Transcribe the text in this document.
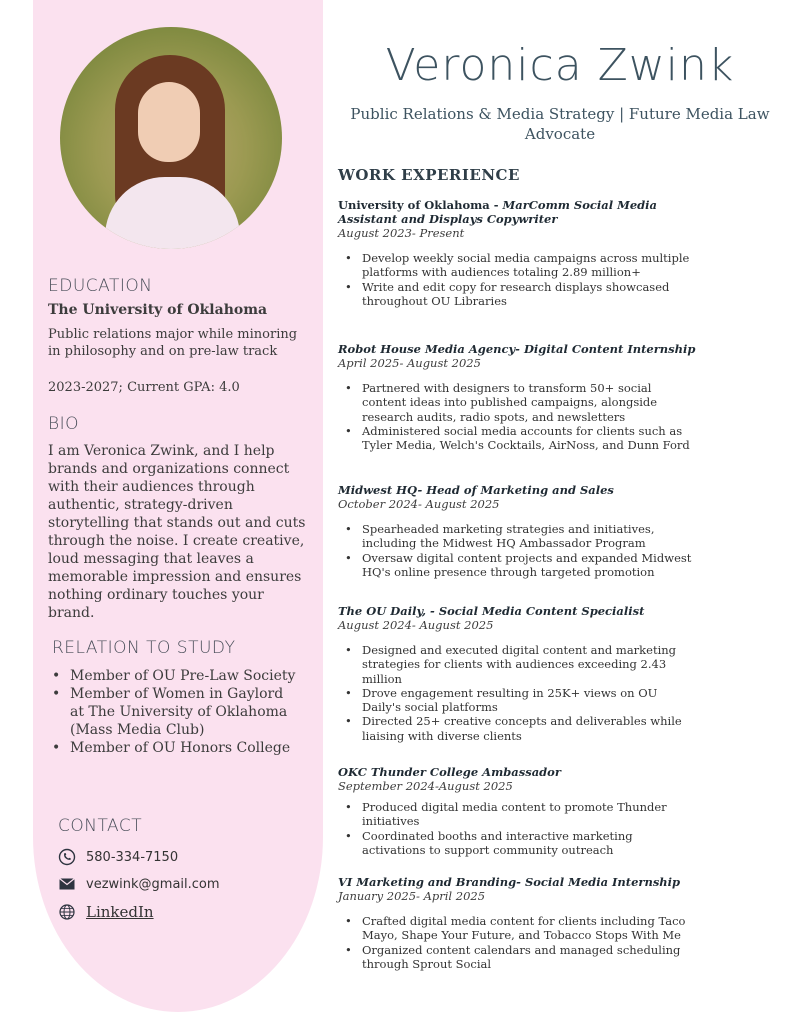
EDUCATION
The University of Oklahoma
Public relations major while minoring in philosophy and on pre-law track
2023-2027; Current GPA: 4.0
BIO
I am Veronica Zwink, and I help brands and organizations connect with their audiences through authentic, strategy-driven storytelling that stands out and cuts through the noise. I create creative, loud messaging that leaves a memorable impression and ensures nothing ordinary touches your brand.
RELATION TO STUDY
• Member of OU Pre-Law Society
• Member of Women in Gaylord at The University of Oklahoma (Mass Media Club)
• Member of OU Honors College
CONTACT
580-334-7150
vezwink@gmail.com
LinkedIn
Veronica Zwink
Public Relations & Media Strategy | Future Media Law Advocate
WORK EXPERIENCE
University of Oklahoma - MarComm Social Media Assistant and Displays Copywriter
August 2023- Present
• Develop weekly social media campaigns across multiple platforms with audiences totaling 2.89 million+
• Write and edit copy for research displays showcased throughout OU Libraries
Robot House Media Agency- Digital Content Internship
April 2025- August 2025
• Partnered with designers to transform 50+ social content ideas into published campaigns, alongside research audits, radio spots, and newsletters
• Administered social media accounts for clients such as Tyler Media, Welch's Cocktails, AirNoss, and Dunn Ford
Midwest HQ- Head of Marketing and Sales
October 2024- August 2025
• Spearheaded marketing strategies and initiatives, including the Midwest HQ Ambassador Program
• Oversaw digital content projects and expanded Midwest HQ's online presence through targeted promotion
The OU Daily, - Social Media Content Specialist
August 2024- August 2025
• Designed and executed digital content and marketing strategies for clients with audiences exceeding 2.43 million
• Drove engagement resulting in 25K+ views on OU Daily's social platforms
• Directed 25+ creative concepts and deliverables while liaising with diverse clients
OKC Thunder College Ambassador
September 2024-August 2025
• Produced digital media content to promote Thunder initiatives
• Coordinated booths and interactive marketing activations to support community outreach
VI Marketing and Branding- Social Media Internship
January 2025- April 2025
• Crafted digital media content for clients including Taco Mayo, Shape Your Future, and Tobacco Stops With Me
• Organized content calendars and managed scheduling through Sprout Social
